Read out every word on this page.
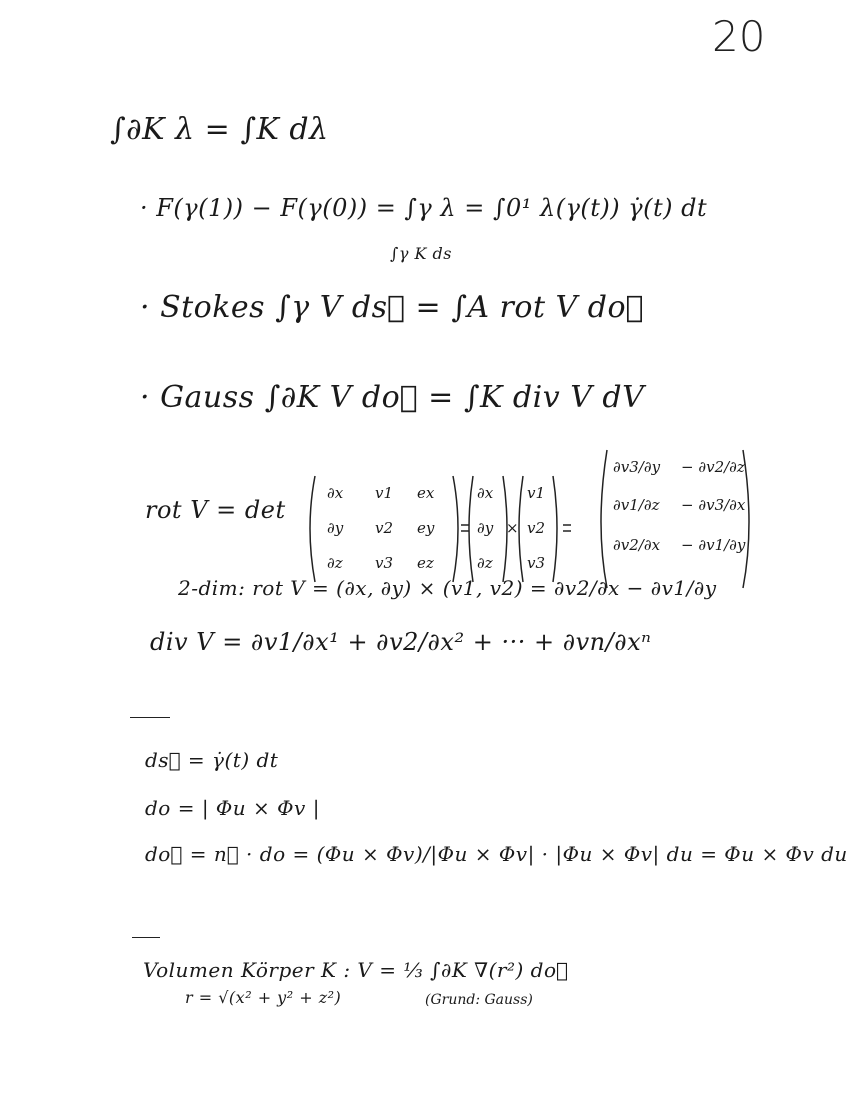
20
∫∂K λ = ∫K dλ
· F(γ(1)) − F(γ(0)) = ∫γ λ = ∫0¹ λ(γ(t)) γ̇(t) dt
∫γ K ds
· Stokes ∫γ V ds⃗ = ∫A rot V do⃗
· Gauss ∫∂K V do⃗ = ∫K div V dV
rot V = det
∂x
∂y
∂z
v1
v2
v3
ex
ey
ez
∂x
∂y
∂z
×
v1
v2
v3
∂v3/∂y − ∂v2/∂z
∂v1/∂z − ∂v3/∂x
∂v2/∂x − ∂v1/∂y
2-dim: rot V = (∂x, ∂y) × (v1, v2) = ∂v2/∂x − ∂v1/∂y
div V = ∂v1/∂x¹ + ∂v2/∂x² + ··· + ∂vn/∂xⁿ
ds⃗ = γ̇(t) dt
do = | Φu × Φv |
do⃗ = n⃗ · do = (Φu × Φv)/|Φu × Φv| · |Φu × Φv| du = Φu × Φv du
Volumen Körper K : V = ⅓ ∫∂K ∇(r²) do⃗
r = √(x² + y² + z²)	(Grund: Gauss)
